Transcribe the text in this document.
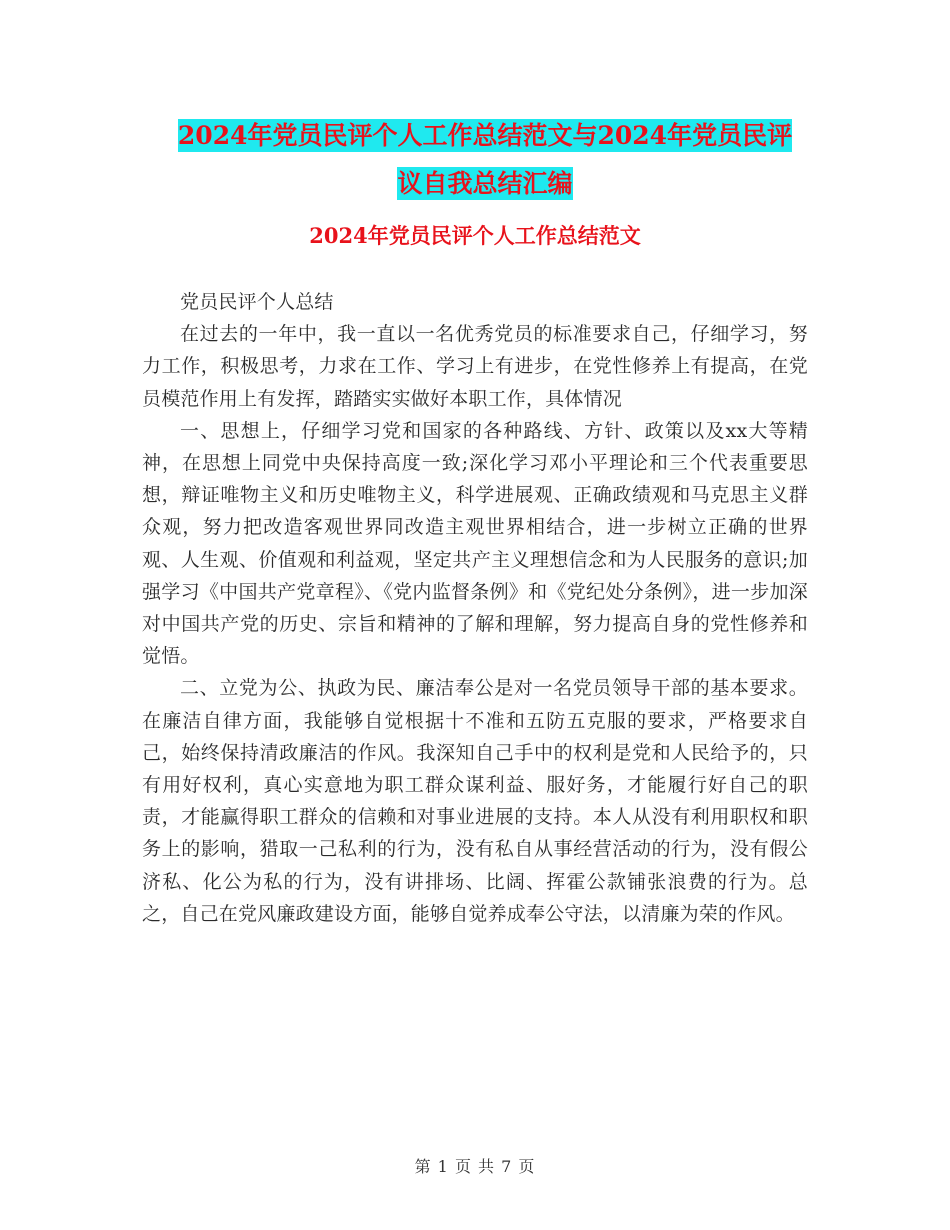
2024年党员民评个人工作总结范文与2024年党员民评
议自我总结汇编
2024年党员民评个人工作总结范文

党员民评个人总结

在过去的一年中，我一直以一名优秀党员的标准要求自己，仔细学习，努力工作，积极思考，力求在工作、学习上有进步，在党性修养上有提高，在党员模范作用上有发挥，踏踏实实做好本职工作，具体情况

一、思想上，仔细学习党和国家的各种路线、方针、政策以及xx大等精神，在思想上同党中央保持高度一致;深化学习邓小平理论和三个代表重要思想，辩证唯物主义和历史唯物主义，科学进展观、正确政绩观和马克思主义群众观，努力把改造客观世界同改造主观世界相结合，进一步树立正确的世界观、人生观、价值观和利益观，坚定共产主义理想信念和为人民服务的意识;加强学习《中国共产党章程》、《党内监督条例》和《党纪处分条例》，进一步加深对中国共产党的历史、宗旨和精神的了解和理解，努力提高自身的党性修养和觉悟。

二、立党为公、执政为民、廉洁奉公是对一名党员领导干部的基本要求。在廉洁自律方面，我能够自觉根据十不准和五防五克服的要求，严格要求自己，始终保持清政廉洁的作风。我深知自己手中的权利是党和人民给予的，只有用好权利，真心实意地为职工群众谋利益、服好务，才能履行好自己的职责，才能赢得职工群众的信赖和对事业进展的支持。本人从没有利用职权和职务上的影响，猎取一己私利的行为，没有私自从事经营活动的行为，没有假公济私、化公为私的行为，没有讲排场、比阔、挥霍公款铺张浪费的行为。总之，自己在党风廉政建设方面，能够自觉养成奉公守法，以清廉为荣的作风。

第 1 页 共 7 页
